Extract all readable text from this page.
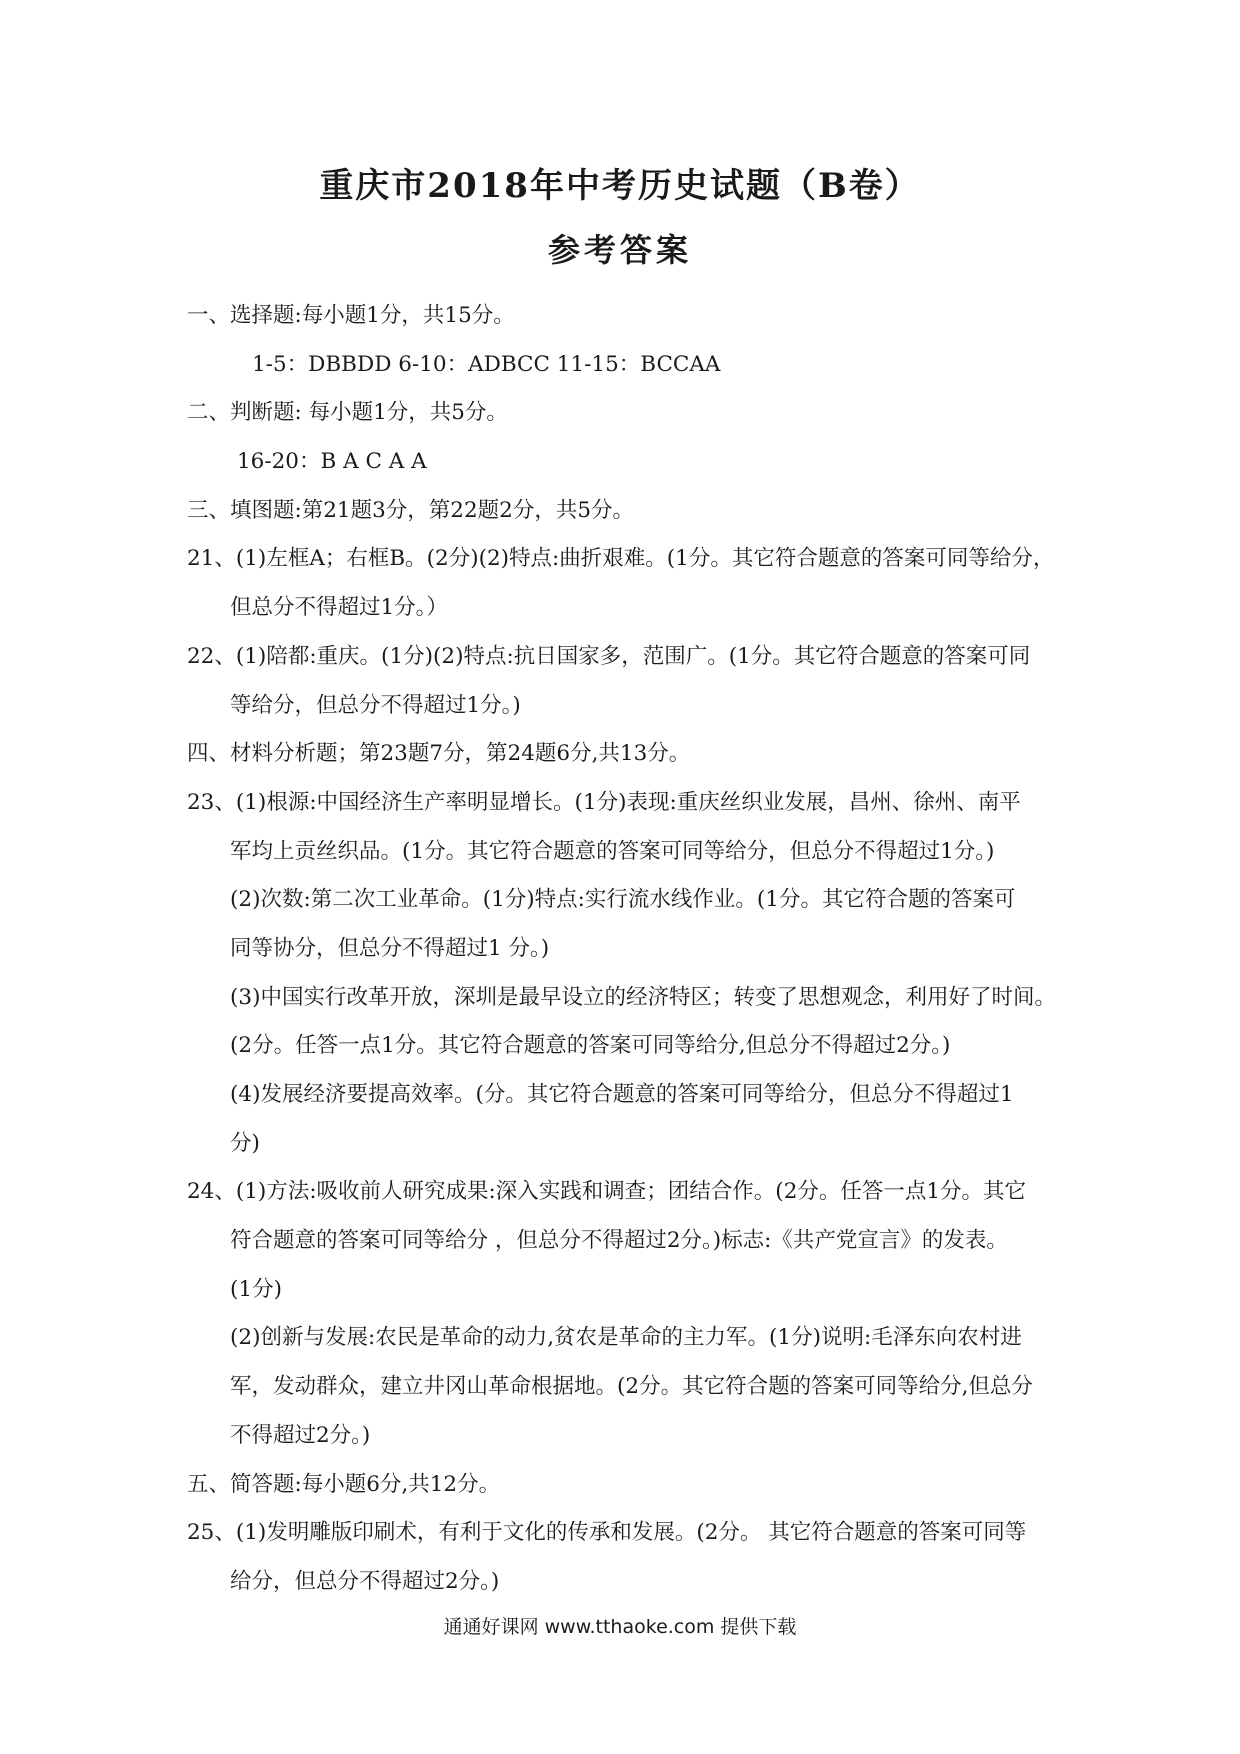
重庆市2018年中考历史试题（B卷）
参考答案
一、选择题:每小题1分，共15分。
1-5：DBBDD 6-10：ADBCC 11-15：BCCAA
二、判断题: 每小题1分，共5分。
16-20：B A C A A
三、填图题:第21题3分，第22题2分，共5分。
21、(1)左框A；右框B。(2分)(2)特点:曲折艰难。(1分。其它符合题意的答案可同等给分，
但总分不得超过1分。）
22、(1)陪都:重庆。(1分)(2)特点:抗日国家多，范围广。(1分。其它符合题意的答案可同
等给分，但总分不得超过1分。)
四、材料分析题；第23题7分，第24题6分,共13分。
23、(1)根源:中国经济生产率明显增长。(1分)表现:重庆丝织业发展，昌州、徐州、南平
军均上贡丝织品。(1分。其它符合题意的答案可同等给分，但总分不得超过1分。)
(2)次数:第二次工业革命。(1分)特点:实行流水线作业。(1分。其它符合题的答案可
同等协分，但总分不得超过1 分。)
(3)中国实行改革开放，深圳是最早设立的经济特区；转变了思想观念，利用好了时间。
(2分。任答一点1分。其它符合题意的答案可同等给分,但总分不得超过2分。)
(4)发展经济要提高效率。(分。其它符合题意的答案可同等给分，但总分不得超过1
分)
24、(1)方法:吸收前人研究成果:深入实践和调查；团结合作。(2分。任答一点1分。其它
符合题意的答案可同等给分 ，但总分不得超过2分。)标志:《共产党宣言》的发表。
(1分)
(2)创新与发展:农民是革命的动力,贫农是革命的主力军。(1分)说明:毛泽东向农村进
军，发动群众，建立井冈山革命根据地。(2分。其它符合题的答案可同等给分,但总分
不得超过2分。)
五、简答题:每小题6分,共12分。
25、(1)发明雕版印刷术，有利于文化的传承和发展。(2分。 其它符合题意的答案可同等
给分，但总分不得超过2分。)
通通好课网 www.tthaoke.com 提供下载
